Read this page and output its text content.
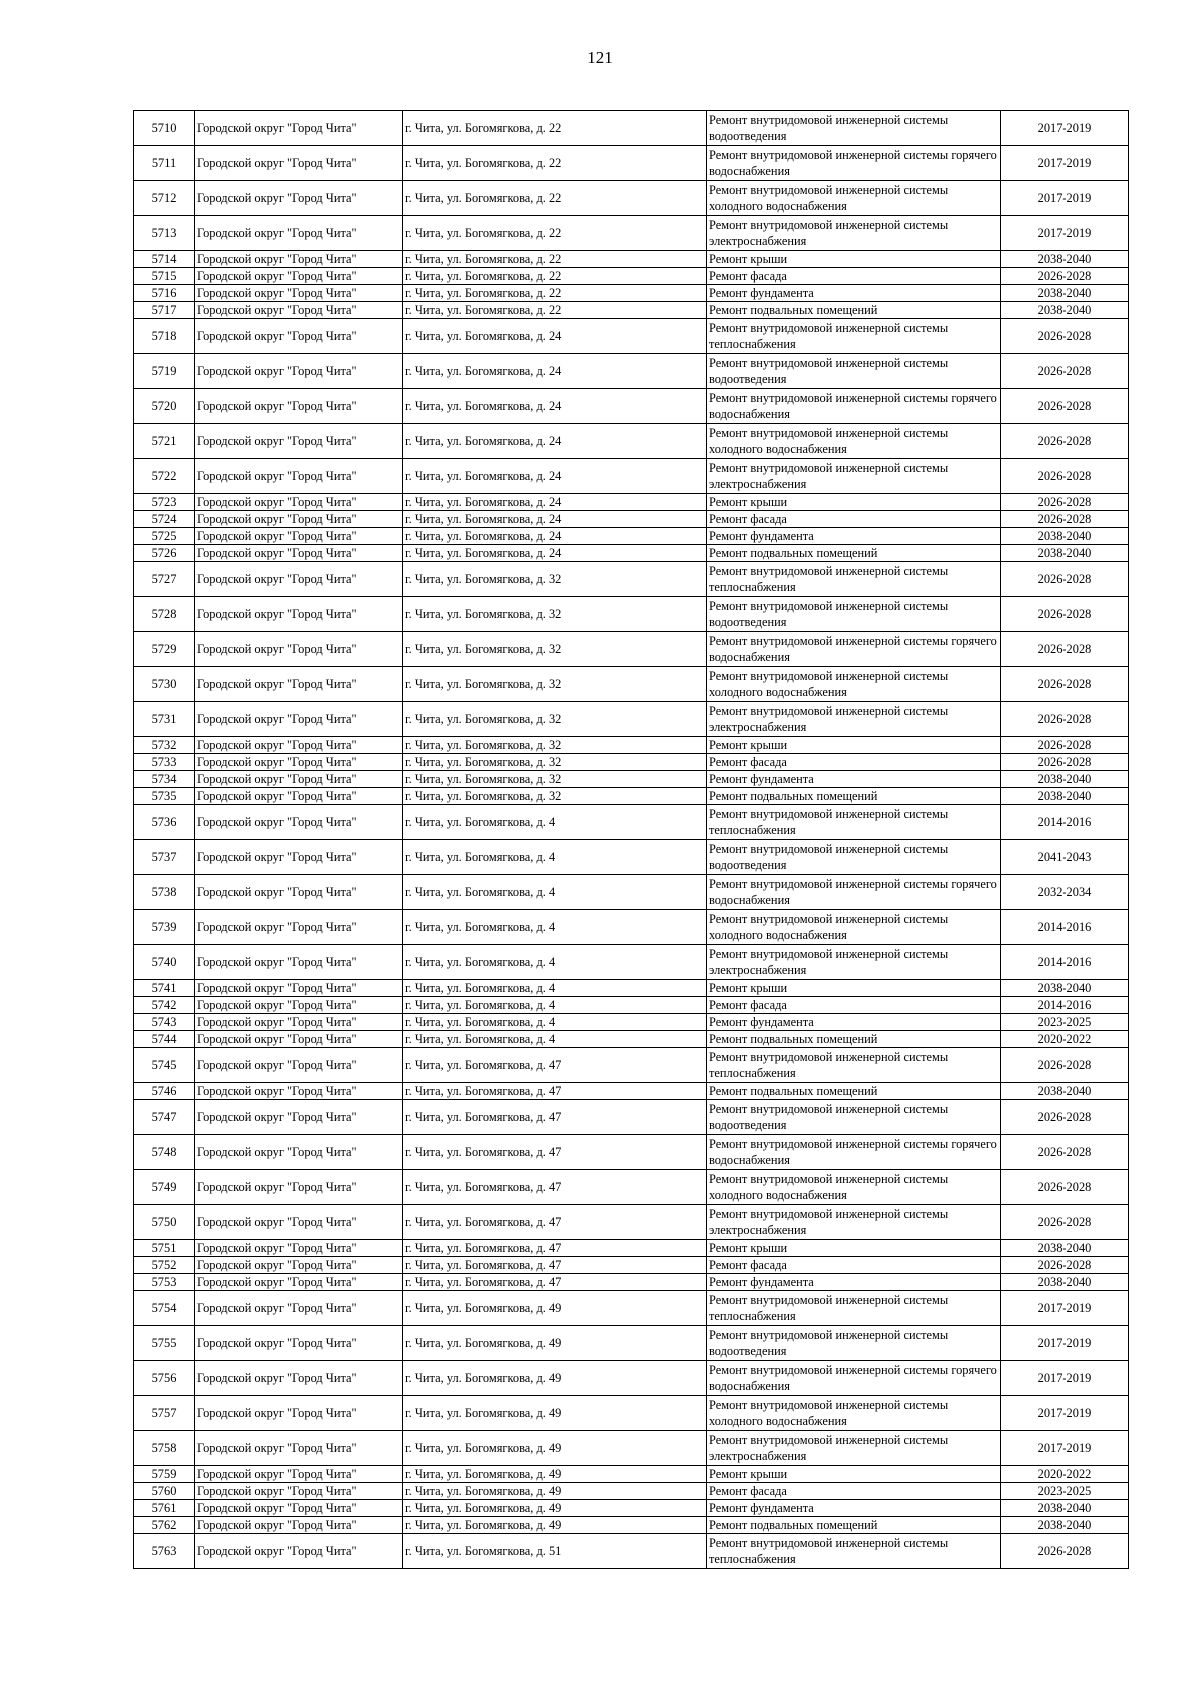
121
5710	Городской округ "Город Чита"	г. Чита, ул. Богомягкова, д. 22	Ремонт внутридомовой инженерной системы водоотведения	2017-2019
5711	Городской округ "Город Чита"	г. Чита, ул. Богомягкова, д. 22	Ремонт внутридомовой инженерной системы горячего водоснабжения	2017-2019
5712	Городской округ "Город Чита"	г. Чита, ул. Богомягкова, д. 22	Ремонт внутридомовой инженерной системы холодного водоснабжения	2017-2019
5713	Городской округ "Город Чита"	г. Чита, ул. Богомягкова, д. 22	Ремонт внутридомовой инженерной системы электроснабжения	2017-2019
5714	Городской округ "Город Чита"	г. Чита, ул. Богомягкова, д. 22	Ремонт крыши	2038-2040
5715	Городской округ "Город Чита"	г. Чита, ул. Богомягкова, д. 22	Ремонт фасада	2026-2028
5716	Городской округ "Город Чита"	г. Чита, ул. Богомягкова, д. 22	Ремонт фундамента	2038-2040
5717	Городской округ "Город Чита"	г. Чита, ул. Богомягкова, д. 22	Ремонт подвальных помещений	2038-2040
5718	Городской округ "Город Чита"	г. Чита, ул. Богомягкова, д. 24	Ремонт внутридомовой инженерной системы теплоснабжения	2026-2028
5719	Городской округ "Город Чита"	г. Чита, ул. Богомягкова, д. 24	Ремонт внутридомовой инженерной системы водоотведения	2026-2028
5720	Городской округ "Город Чита"	г. Чита, ул. Богомягкова, д. 24	Ремонт внутридомовой инженерной системы горячего водоснабжения	2026-2028
5721	Городской округ "Город Чита"	г. Чита, ул. Богомягкова, д. 24	Ремонт внутридомовой инженерной системы холодного водоснабжения	2026-2028
5722	Городской округ "Город Чита"	г. Чита, ул. Богомягкова, д. 24	Ремонт внутридомовой инженерной системы электроснабжения	2026-2028
5723	Городской округ "Город Чита"	г. Чита, ул. Богомягкова, д. 24	Ремонт крыши	2026-2028
5724	Городской округ "Город Чита"	г. Чита, ул. Богомягкова, д. 24	Ремонт фасада	2026-2028
5725	Городской округ "Город Чита"	г. Чита, ул. Богомягкова, д. 24	Ремонт фундамента	2038-2040
5726	Городской округ "Город Чита"	г. Чита, ул. Богомягкова, д. 24	Ремонт подвальных помещений	2038-2040
5727	Городской округ "Город Чита"	г. Чита, ул. Богомягкова, д. 32	Ремонт внутридомовой инженерной системы теплоснабжения	2026-2028
5728	Городской округ "Город Чита"	г. Чита, ул. Богомягкова, д. 32	Ремонт внутридомовой инженерной системы водоотведения	2026-2028
5729	Городской округ "Город Чита"	г. Чита, ул. Богомягкова, д. 32	Ремонт внутридомовой инженерной системы горячего водоснабжения	2026-2028
5730	Городской округ "Город Чита"	г. Чита, ул. Богомягкова, д. 32	Ремонт внутридомовой инженерной системы холодного водоснабжения	2026-2028
5731	Городской округ "Город Чита"	г. Чита, ул. Богомягкова, д. 32	Ремонт внутридомовой инженерной системы электроснабжения	2026-2028
5732	Городской округ "Город Чита"	г. Чита, ул. Богомягкова, д. 32	Ремонт крыши	2026-2028
5733	Городской округ "Город Чита"	г. Чита, ул. Богомягкова, д. 32	Ремонт фасада	2026-2028
5734	Городской округ "Город Чита"	г. Чита, ул. Богомягкова, д. 32	Ремонт фундамента	2038-2040
5735	Городской округ "Город Чита"	г. Чита, ул. Богомягкова, д. 32	Ремонт подвальных помещений	2038-2040
5736	Городской округ "Город Чита"	г. Чита, ул. Богомягкова, д. 4	Ремонт внутридомовой инженерной системы теплоснабжения	2014-2016
5737	Городской округ "Город Чита"	г. Чита, ул. Богомягкова, д. 4	Ремонт внутридомовой инженерной системы водоотведения	2041-2043
5738	Городской округ "Город Чита"	г. Чита, ул. Богомягкова, д. 4	Ремонт внутридомовой инженерной системы горячего водоснабжения	2032-2034
5739	Городской округ "Город Чита"	г. Чита, ул. Богомягкова, д. 4	Ремонт внутридомовой инженерной системы холодного водоснабжения	2014-2016
5740	Городской округ "Город Чита"	г. Чита, ул. Богомягкова, д. 4	Ремонт внутридомовой инженерной системы электроснабжения	2014-2016
5741	Городской округ "Город Чита"	г. Чита, ул. Богомягкова, д. 4	Ремонт крыши	2038-2040
5742	Городской округ "Город Чита"	г. Чита, ул. Богомягкова, д. 4	Ремонт фасада	2014-2016
5743	Городской округ "Город Чита"	г. Чита, ул. Богомягкова, д. 4	Ремонт фундамента	2023-2025
5744	Городской округ "Город Чита"	г. Чита, ул. Богомягкова, д. 4	Ремонт подвальных помещений	2020-2022
5745	Городской округ "Город Чита"	г. Чита, ул. Богомягкова, д. 47	Ремонт внутридомовой инженерной системы теплоснабжения	2026-2028
5746	Городской округ "Город Чита"	г. Чита, ул. Богомягкова, д. 47	Ремонт подвальных помещений	2038-2040
5747	Городской округ "Город Чита"	г. Чита, ул. Богомягкова, д. 47	Ремонт внутридомовой инженерной системы водоотведения	2026-2028
5748	Городской округ "Город Чита"	г. Чита, ул. Богомягкова, д. 47	Ремонт внутридомовой инженерной системы горячего водоснабжения	2026-2028
5749	Городской округ "Город Чита"	г. Чита, ул. Богомягкова, д. 47	Ремонт внутридомовой инженерной системы холодного водоснабжения	2026-2028
5750	Городской округ "Город Чита"	г. Чита, ул. Богомягкова, д. 47	Ремонт внутридомовой инженерной системы электроснабжения	2026-2028
5751	Городской округ "Город Чита"	г. Чита, ул. Богомягкова, д. 47	Ремонт крыши	2038-2040
5752	Городской округ "Город Чита"	г. Чита, ул. Богомягкова, д. 47	Ремонт фасада	2026-2028
5753	Городской округ "Город Чита"	г. Чита, ул. Богомягкова, д. 47	Ремонт фундамента	2038-2040
5754	Городской округ "Город Чита"	г. Чита, ул. Богомягкова, д. 49	Ремонт внутридомовой инженерной системы теплоснабжения	2017-2019
5755	Городской округ "Город Чита"	г. Чита, ул. Богомягкова, д. 49	Ремонт внутридомовой инженерной системы водоотведения	2017-2019
5756	Городской округ "Город Чита"	г. Чита, ул. Богомягкова, д. 49	Ремонт внутридомовой инженерной системы горячего водоснабжения	2017-2019
5757	Городской округ "Город Чита"	г. Чита, ул. Богомягкова, д. 49	Ремонт внутридомовой инженерной системы холодного водоснабжения	2017-2019
5758	Городской округ "Город Чита"	г. Чита, ул. Богомягкова, д. 49	Ремонт внутридомовой инженерной системы электроснабжения	2017-2019
5759	Городской округ "Город Чита"	г. Чита, ул. Богомягкова, д. 49	Ремонт крыши	2020-2022
5760	Городской округ "Город Чита"	г. Чита, ул. Богомягкова, д. 49	Ремонт фасада	2023-2025
5761	Городской округ "Город Чита"	г. Чита, ул. Богомягкова, д. 49	Ремонт фундамента	2038-2040
5762	Городской округ "Город Чита"	г. Чита, ул. Богомягкова, д. 49	Ремонт подвальных помещений	2038-2040
5763	Городской округ "Город Чита"	г. Чита, ул. Богомягкова, д. 51	Ремонт внутридомовой инженерной системы теплоснабжения	2026-2028
